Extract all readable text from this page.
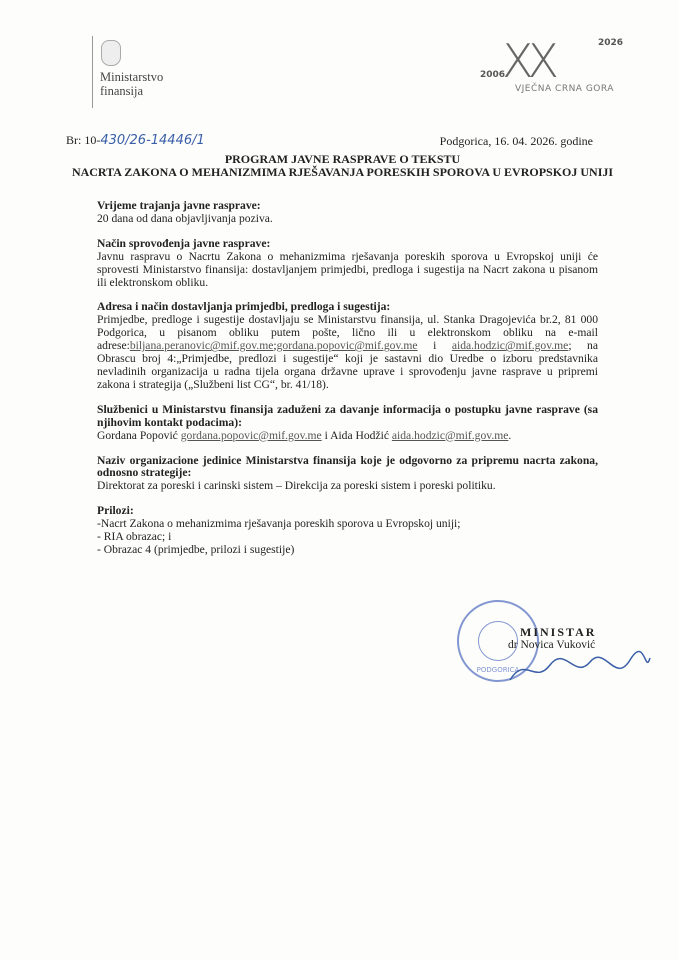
Ministarstvo
finansija
XX	2026
2006
VJEČNA CRNA GORA
Br: 10-430/26-14446/1	Podgorica, 16. 04. 2026. godine
PROGRAM JAVNE RASPRAVE O TEKSTU
NACRTA ZAKONA O MEHANIZMIMA RJEŠAVANJA PORESKIH SPOROVA U EVROPSKOJ UNIJI

Vrijeme trajanja javne rasprave:
20 dana od dana objavljivanja poziva.

Način sprovođenja javne rasprave:
Javnu raspravu o Nacrtu Zakona o mehanizmima rješavanja poreskih sporova u Evropskoj uniji će sprovesti Ministarstvo finansija: dostavljanjem primjedbi, predloga i sugestija na Nacrt zakona u pisanom ili elektronskom obliku.

Adresa i način dostavljanja primjedbi, predloga i sugestija:
Primjedbe, predloge i sugestije dostavljaju se Ministarstvu finansija, ul. Stanka Dragojevića br.2, 81 000 Podgorica, u pisanom obliku putem pošte, lično ili u elektronskom obliku na e-mail adrese:biljana.peranovic@mif.gov.me;gordana.popovic@mif.gov.me i aida.hodzic@mif.gov.me; na Obrascu broj 4:„Primjedbe, predlozi i sugestije“ koji je sastavni dio Uredbe o izboru predstavnika nevladinih organizacija u radna tijela organa državne uprave i sprovođenju javne rasprave u pripremi zakona i strategija („Službeni list CG“, br. 41/18).

Službenici u Ministarstvu finansija zaduženi za davanje informacija o postupku javne rasprave (sa njihovim kontakt podacima):
Gordana Popović gordana.popovic@mif.gov.me i Aida Hodžić aida.hodzic@mif.gov.me.

Naziv organizacione jedinice Ministarstva finansija koje je odgovorno za pripremu nacrta zakona, odnosno strategije:
Direktorat za poreski i carinski sistem – Direkcija za poreski sistem i poreski politiku.

Prilozi:
-Nacrt Zakona o mehanizmima rješavanja poreskih sporova u Evropskoj uniji;
- RIA obrazac; i
- Obrazac 4 (primjedbe, prilozi i sugestije)

PODGORICA
MINISTAR
dr Novica Vuković
